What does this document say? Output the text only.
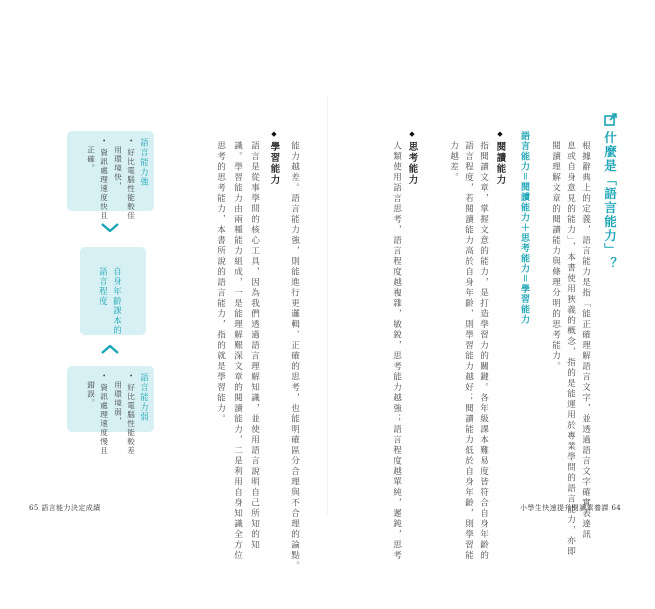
什麼是「語言能力」？
根據辭典上的定義，語言能力是指「能正確理解語言文字，並透過語言文字確實表達訊
息或自身意見的能力」，本書使用狹義的概念，指的是能運用於專業學問的語言能力，亦即
閱讀理解文章的閱讀能力與條理分明的思考能力。
語言能力＝閱讀能力＋思考能力＝學習能力
◆閱讀能力
指閱讀文章，掌握文意的能力，是打造學習力的關鍵。各年級課本難易度皆符合自身年齡的
語言程度，若閱讀能力高於自身年齡，則學習能力越好；閱讀能力低於自身年齡，則學習能
力越差。
◆思考能力
人類使用語言思考，語言程度越複雜，敏銳，思考能力越強；語言程度越單純，遲鈍，思考	小學生快速提升閱讀素養課 64
能力越差。語言能力強，則能進行更邏輯、正確的思考，也能明確區分合理與不合理的論點。
◆學習能力
語言是從事學問的核心工具，因為我們透過語言理解知識，並使用語言說明自己所知的知
識。學習能力由兩種能力組成，一是能理解艱深文章的閱讀能力，二是利用自身知識全方位
思考的思考能力，本書所說的語言能力，指的就是學習能力。
語言能力強
•好比電腦性能較佳
用環境快，
•資訊處理速度快且
正確。
自身年齡課本的
語言程度
語言能力弱
•好比電腦性能較差
用環境弱，
•資訊處理速度慢且
錯誤。
65 語言能力決定成績
